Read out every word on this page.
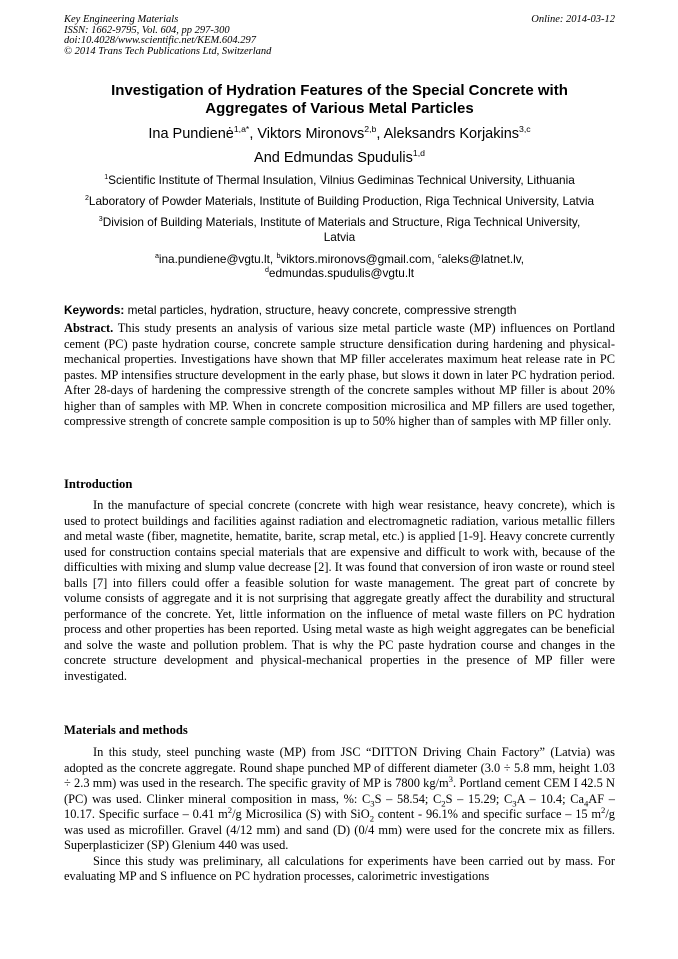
Key Engineering Materials
ISSN: 1662-9795, Vol. 604, pp 297-300
doi:10.4028/www.scientific.net/KEM.604.297
© 2014 Trans Tech Publications Ltd, Switzerland
Online: 2014-03-12
Investigation of Hydration Features of the Special Concrete with
Aggregates of Various Metal Particles
Ina Pundienė$^{1,a*}$, Viktors Mironovs$^{2,b}$, Aleksandrs Korjakins$^{3,c}$
And Edmundas Spudulis$^{1,d}$
$^1$Scientific Institute of Thermal Insulation, Vilnius Gediminas Technical University, Lithuania
$^2$Laboratory of Powder Materials, Institute of Building Production, Riga Technical University, Latvia
$^3$Division of Building Materials, Institute of Materials and Structure, Riga Technical University,
Latvia
$^a$ina.pundiene@vgtu.lt, $^b$viktors.mironovs@gmail.com, $^c$aleks@latnet.lv,
$^d$edmundas.spudulis@vgtu.lt
Keywords: metal particles, hydration, structure, heavy concrete, compressive strength

Abstract. This study presents an analysis of various size metal particle waste (MP) influences on Portland cement (PC) paste hydration course, concrete sample structure densification during hardening and physical-mechanical properties. Investigations have shown that MP filler accelerates maximum heat release rate in PC pastes. MP intensifies structure development in the early phase, but slows it down in later PC hydration period. After 28-days of hardening the compressive strength of the concrete samples without MP filler is about 20% higher than of samples with MP. When in concrete composition microsilica and MP fillers are used together, compressive strength of concrete sample composition is up to 50% higher than of samples with MP filler only.

Introduction

In the manufacture of special concrete (concrete with high wear resistance, heavy concrete), which is used to protect buildings and facilities against radiation and electromagnetic radiation, various metallic fillers and metal waste (fiber, magnetite, hematite, barite, scrap metal, etc.) is applied [1-9]. Heavy concrete currently used for construction contains special materials that are expensive and difficult to work with, because of the difficulties with mixing and slump value decrease [2]. It was found that conversion of iron waste or round steel balls [7] into fillers could offer a feasible solution for waste management. The great part of concrete by volume consists of aggregate and it is not surprising that aggregate greatly affect the durability and structural performance of the concrete. Yet, little information on the influence of metal waste fillers on PC hydration process and other properties has been reported. Using metal waste as high weight aggregates can be beneficial and solve the waste and pollution problem. That is why the PC paste hydration course and changes in the concrete structure development and physical-mechanical properties in the presence of MP filler were investigated.

Materials and methods

In this study, steel punching waste (MP) from JSC “DITTON Driving Chain Factory” (Latvia) was adopted as the concrete aggregate. Round shape punched MP of different diameter (3.0 ÷ 5.8 mm, height 1.03 ÷ 2.3 mm) was used in the research. The specific gravity of MP is 7800 $kg/m^3$. Portland cement CEM I 42.5 N (PC) was used. Clinker mineral composition in mass, %: $C_3S - 58.54$; $C_2S - 15.29$; $C_3A - 10.4$; $Ca_4AF - 10.17$. Specific surface – 0.41 $m^2/g$ Microsilica (S) with SiO$_2$ content - 96.1% and specific surface – 15 $m^2/g$ was used as microfiller. Gravel (4/12 mm) and sand (D) (0/4 mm) were used for the concrete mix as fillers. Superplasticizer (SP) Glenium 440 was used.

Since this study was preliminary, all calculations for experiments have been carried out by mass. For evaluating MP and S influence on PC hydration processes, calorimetric investigations
